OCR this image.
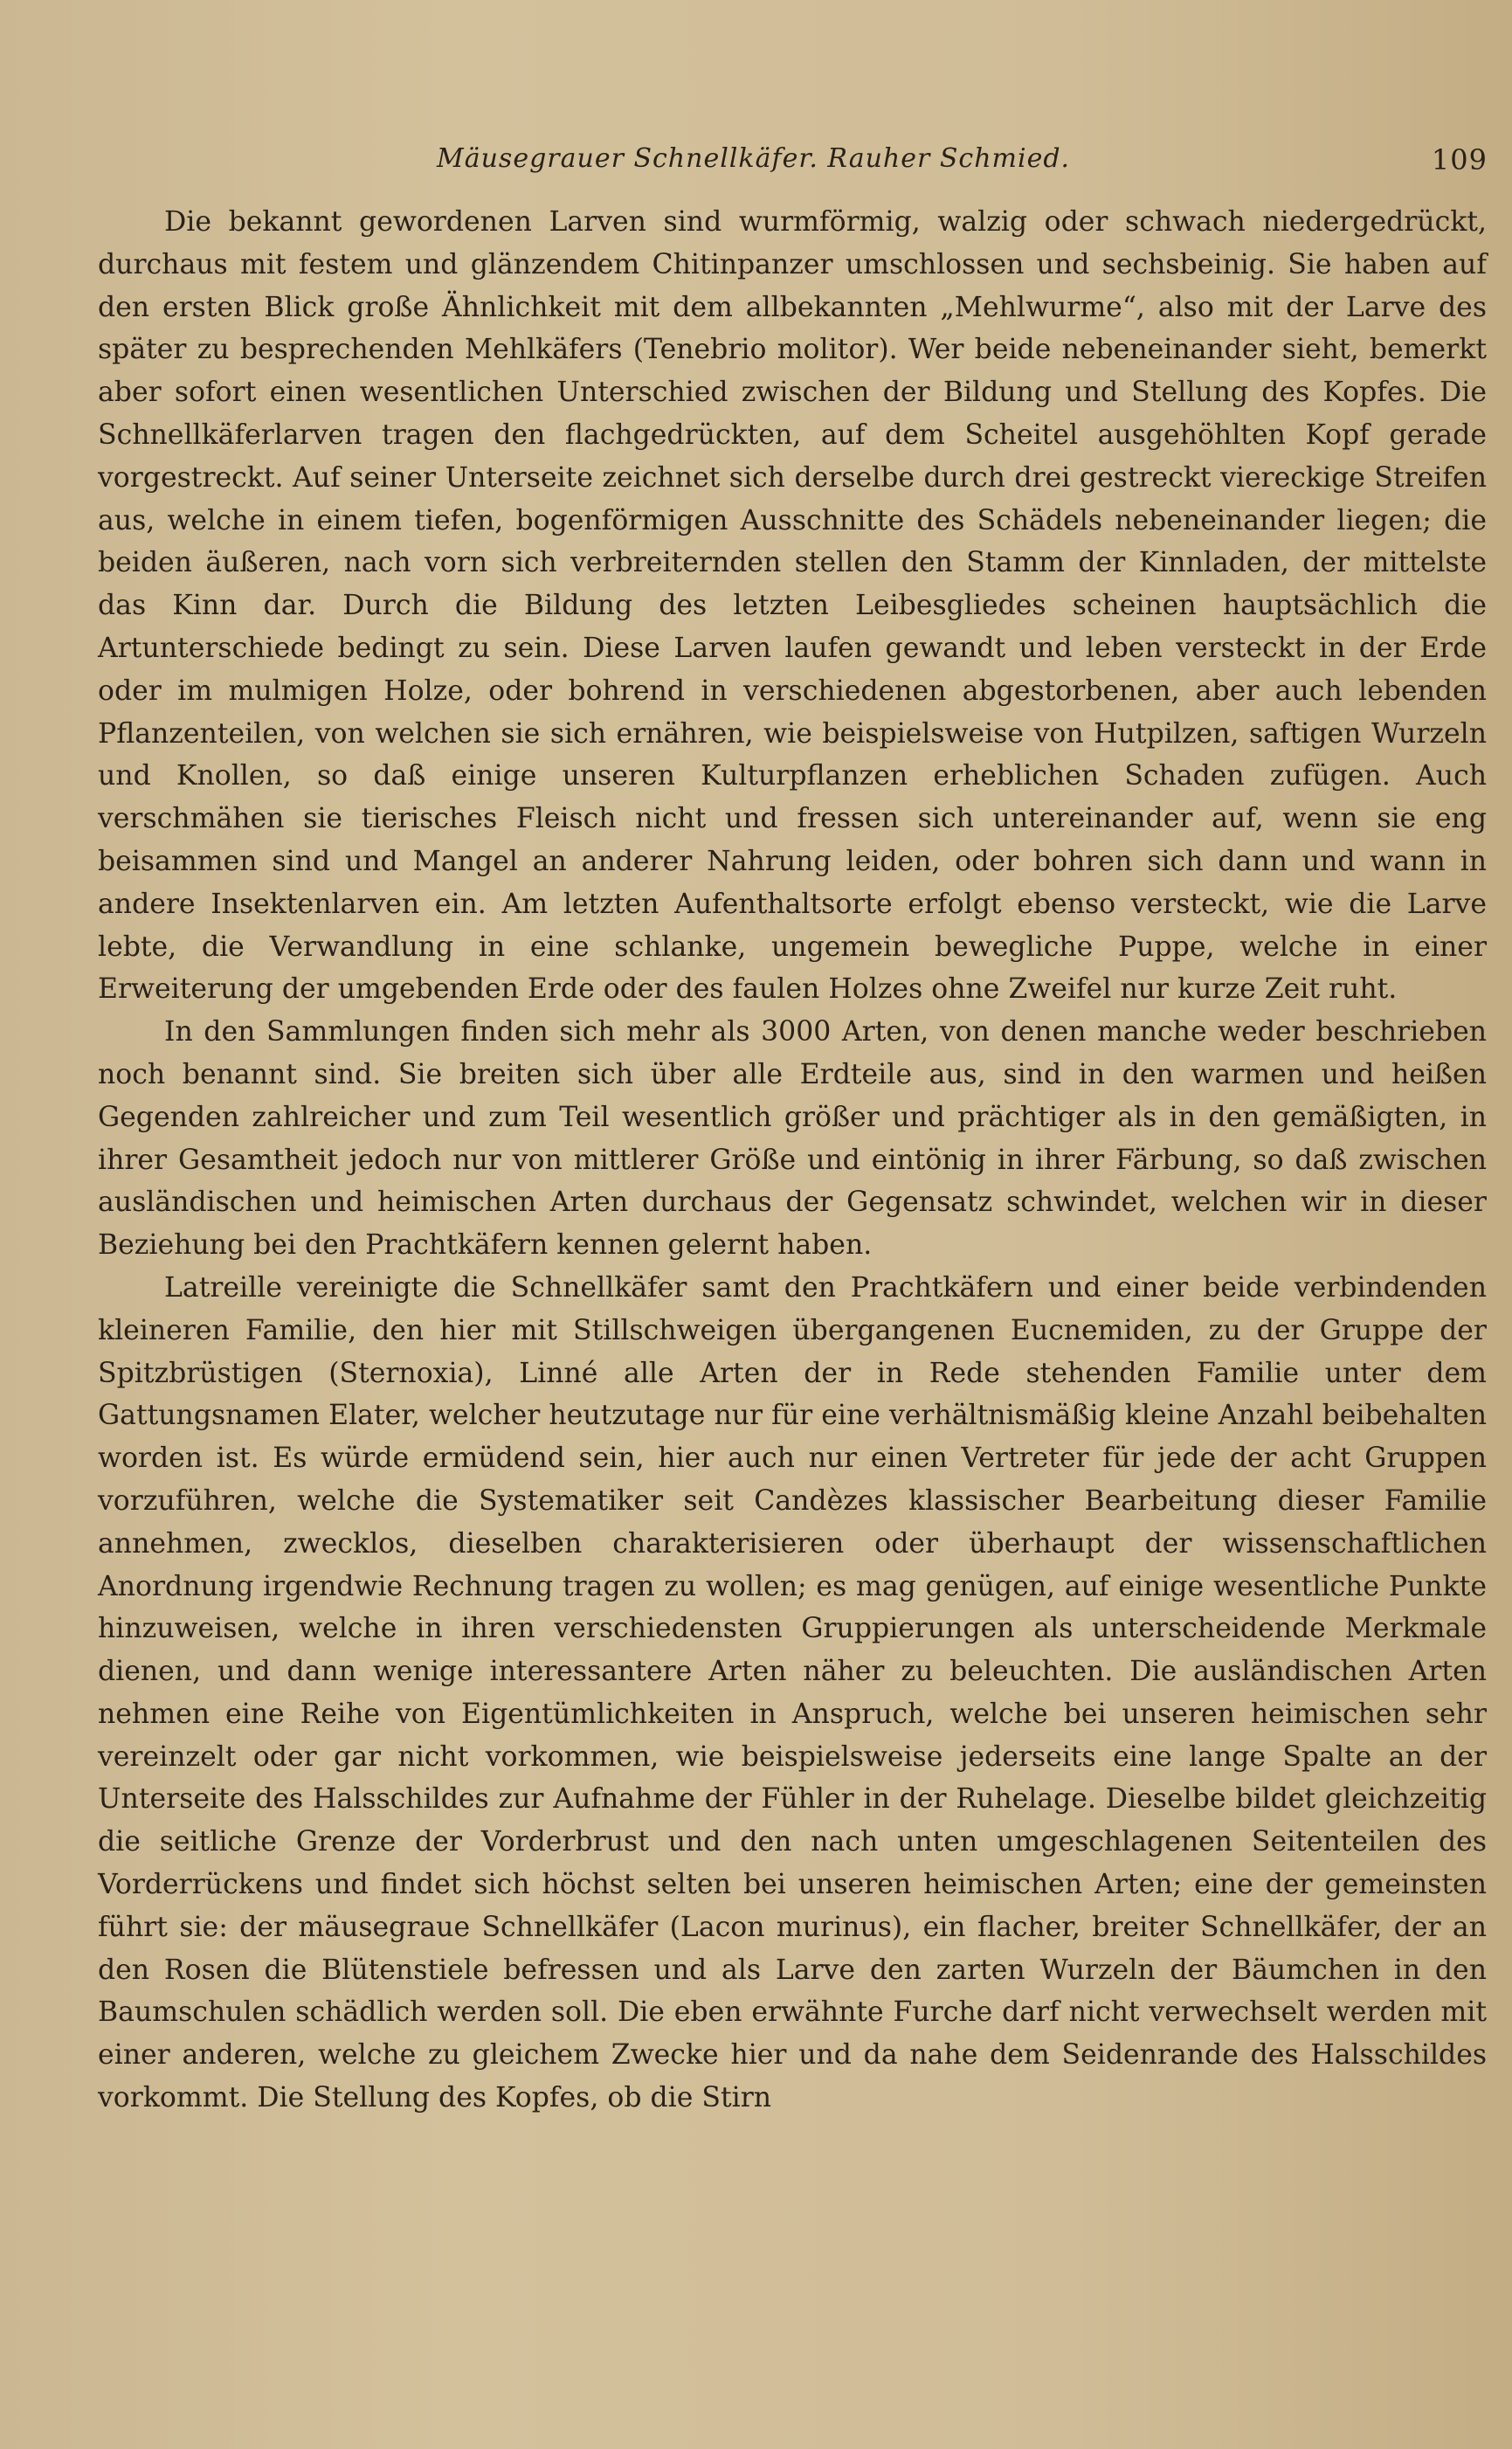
Mäusegrauer Schnellkäfer. Rauher Schmied.	109

Die bekannt gewordenen Larven sind wurmförmig, walzig oder schwach niedergedrückt, durchaus mit festem und glänzendem Chitinpanzer umschlossen und sechsbeinig. Sie haben auf den ersten Blick große Ähnlichkeit mit dem allbekannten „Mehlwurme“, also mit der Larve des später zu besprechenden Mehlkäfers (Tenebrio molitor). Wer beide nebeneinander sieht, bemerkt aber sofort einen wesentlichen Unterschied zwischen der Bildung und Stellung des Kopfes. Die Schnellkäferlarven tragen den flachgedrückten, auf dem Scheitel ausgehöhlten Kopf gerade vorgestreckt. Auf seiner Unterseite zeichnet sich derselbe durch drei gestreckt viereckige Streifen aus, welche in einem tiefen, bogenförmigen Ausschnitte des Schädels nebeneinander liegen; die beiden äußeren, nach vorn sich verbreiternden stellen den Stamm der Kinnladen, der mittelste das Kinn dar. Durch die Bildung des letzten Leibesgliedes scheinen hauptsächlich die Artunterschiede bedingt zu sein. Diese Larven laufen gewandt und leben versteckt in der Erde oder im mulmigen Holze, oder bohrend in verschiedenen abgestorbenen, aber auch lebenden Pflanzenteilen, von welchen sie sich ernähren, wie beispielsweise von Hutpilzen, saftigen Wurzeln und Knollen, so daß einige unseren Kulturpflanzen erheblichen Schaden zufügen. Auch verschmähen sie tierisches Fleisch nicht und fressen sich untereinander auf, wenn sie eng beisammen sind und Mangel an anderer Nahrung leiden, oder bohren sich dann und wann in andere Insektenlarven ein. Am letzten Aufenthaltsorte erfolgt ebenso versteckt, wie die Larve lebte, die Verwandlung in eine schlanke, ungemein bewegliche Puppe, welche in einer Erweiterung der umgebenden Erde oder des faulen Holzes ohne Zweifel nur kurze Zeit ruht.

In den Sammlungen finden sich mehr als 3000 Arten, von denen manche weder beschrieben noch benannt sind. Sie breiten sich über alle Erdteile aus, sind in den warmen und heißen Gegenden zahlreicher und zum Teil wesentlich größer und prächtiger als in den gemäßigten, in ihrer Gesamtheit jedoch nur von mittlerer Größe und eintönig in ihrer Färbung, so daß zwischen ausländischen und heimischen Arten durchaus der Gegensatz schwindet, welchen wir in dieser Beziehung bei den Prachtkäfern kennen gelernt haben.

Latreille vereinigte die Schnellkäfer samt den Prachtkäfern und einer beide verbindenden kleineren Familie, den hier mit Stillschweigen übergangenen Eucnemiden, zu der Gruppe der Spitzbrüstigen (Sternoxia), Linné alle Arten der in Rede stehenden Familie unter dem Gattungsnamen Elater, welcher heutzutage nur für eine verhältnismäßig kleine Anzahl beibehalten worden ist. Es würde ermüdend sein, hier auch nur einen Vertreter für jede der acht Gruppen vorzuführen, welche die Systematiker seit Candèzes klassischer Bearbeitung dieser Familie annehmen, zwecklos, dieselben charakterisieren oder überhaupt der wissenschaftlichen Anordnung irgendwie Rechnung tragen zu wollen; es mag genügen, auf einige wesentliche Punkte hinzuweisen, welche in ihren verschiedensten Gruppierungen als unterscheidende Merkmale dienen, und dann wenige interessantere Arten näher zu beleuchten. Die ausländischen Arten nehmen eine Reihe von Eigentümlichkeiten in Anspruch, welche bei unseren heimischen sehr vereinzelt oder gar nicht vorkommen, wie beispielsweise jederseits eine lange Spalte an der Unterseite des Halsschildes zur Aufnahme der Fühler in der Ruhelage. Dieselbe bildet gleichzeitig die seitliche Grenze der Vorderbrust und den nach unten umgeschlagenen Seitenteilen des Vorderrückens und findet sich höchst selten bei unseren heimischen Arten; eine der gemeinsten führt sie: der mäusegraue Schnellkäfer (Lacon murinus), ein flacher, breiter Schnellkäfer, der an den Rosen die Blütenstiele befressen und als Larve den zarten Wurzeln der Bäumchen in den Baumschulen schädlich werden soll. Die eben erwähnte Furche darf nicht verwechselt werden mit einer anderen, welche zu gleichem Zwecke hier und da nahe dem Seidenrande des Halsschildes vorkommt. Die Stellung des Kopfes, ob die Stirn
